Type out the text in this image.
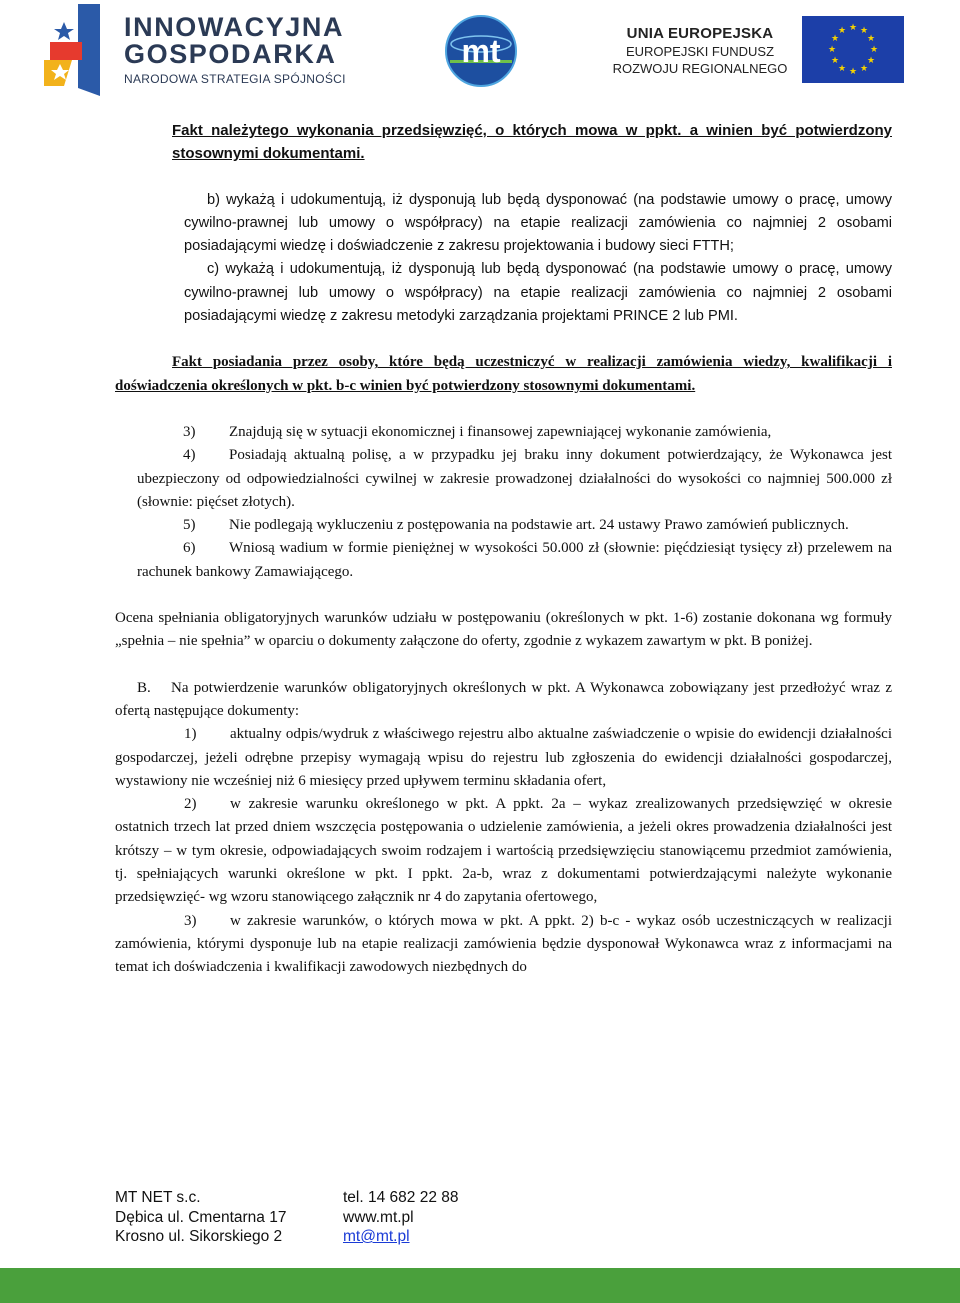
INNOWACYJNA
GOSPODARKA
NARODOWA STRATEGIA SPÓJNOŚCI
mt	UNIA EUROPEJSKA
EUROPEJSKI FUNDUSZ
ROZWOJU REGIONALNEGO
★ ★
★
★
★
★
★
★
★
★
★
★

Fakt należytego wykonania przedsięwzięć, o których mowa w ppkt. a winien być potwierdzony stosownymi dokumentami.

b) wykażą i udokumentują, iż dysponują lub będą dysponować (na podstawie umowy o pracę, umowy cywilno-prawnej lub umowy o współpracy) na etapie realizacji zamówienia co najmniej 2 osobami posiadającymi wiedzę i doświadczenie z zakresu projektowania i budowy sieci FTTH;

c) wykażą i udokumentują, iż dysponują lub będą dysponować (na podstawie umowy o pracę, umowy cywilno-prawnej lub umowy o współpracy) na etapie realizacji zamówienia co najmniej 2 osobami posiadającymi wiedzę z zakresu metodyki zarządzania projektami PRINCE 2 lub PMI.

Fakt posiadania przez osoby, które będą uczestniczyć w realizacji zamówienia wiedzy, kwalifikacji i doświadczenia określonych w pkt. b-c winien być potwierdzony stosownymi dokumentami.

3) Znajdują się w sytuacji ekonomicznej i finansowej zapewniającej wykonanie zamówienia,

4) Posiadają aktualną polisę, a w przypadku jej braku inny dokument potwierdzający, że Wykonawca jest ubezpieczony od odpowiedzialności cywilnej w zakresie prowadzonej działalności do wysokości co najmniej 500.000 zł (słownie: pięćset złotych).

5) Nie podlegają wykluczeniu z postępowania na podstawie art. 24 ustawy Prawo zamówień publicznych.

6) Wniosą wadium w formie pieniężnej w wysokości 50.000 zł (słownie: pięćdziesiąt tysięcy zł) przelewem na rachunek bankowy Zamawiającego.

Ocena spełniania obligatoryjnych warunków udziału w postępowaniu (określonych w pkt. 1-6) zostanie dokonana wg formuły „spełnia – nie spełnia” w oparciu o dokumenty załączone do oferty, zgodnie z wykazem zawartym w pkt. B poniżej.

B. Na potwierdzenie warunków obligatoryjnych określonych w pkt. A Wykonawca zobowiązany jest przedłożyć wraz z ofertą następujące dokumenty:

1) aktualny odpis/wydruk z właściwego rejestru albo aktualne zaświadczenie o wpisie do ewidencji działalności gospodarczej, jeżeli odrębne przepisy wymagają wpisu do rejestru lub zgłoszenia do ewidencji działalności gospodarczej, wystawiony nie wcześniej niż 6 miesięcy przed upływem terminu składania ofert,

2) w zakresie warunku określonego w pkt. A ppkt. 2a – wykaz zrealizowanych przedsięwzięć w okresie ostatnich trzech lat przed dniem wszczęcia postępowania o udzielenie zamówienia, a jeżeli okres prowadzenia działalności jest krótszy – w tym okresie, odpowiadających swoim rodzajem i wartością przedsięwzięciu stanowiącemu przedmiot zamówienia, tj. spełniających warunki określone w pkt. I ppkt. 2a-b, wraz z dokumentami potwierdzającymi należyte wykonanie przedsięwzięć- wg wzoru stanowiącego załącznik nr 4 do zapytania ofertowego,

3) w zakresie warunków, o których mowa w pkt. A ppkt. 2) b-c - wykaz osób uczestniczących w realizacji zamówienia, którymi dysponuje lub na etapie realizacji zamówienia będzie dysponował Wykonawca wraz z informacjami na temat ich doświadczenia i kwalifikacji zawodowych niezbędnych do

MT NET s.c.	tel. 14 682 22 88
Dębica ul. Cmentarna 17	www.mt.pl
Krosno ul. Sikorskiego 2	mt@mt.pl
